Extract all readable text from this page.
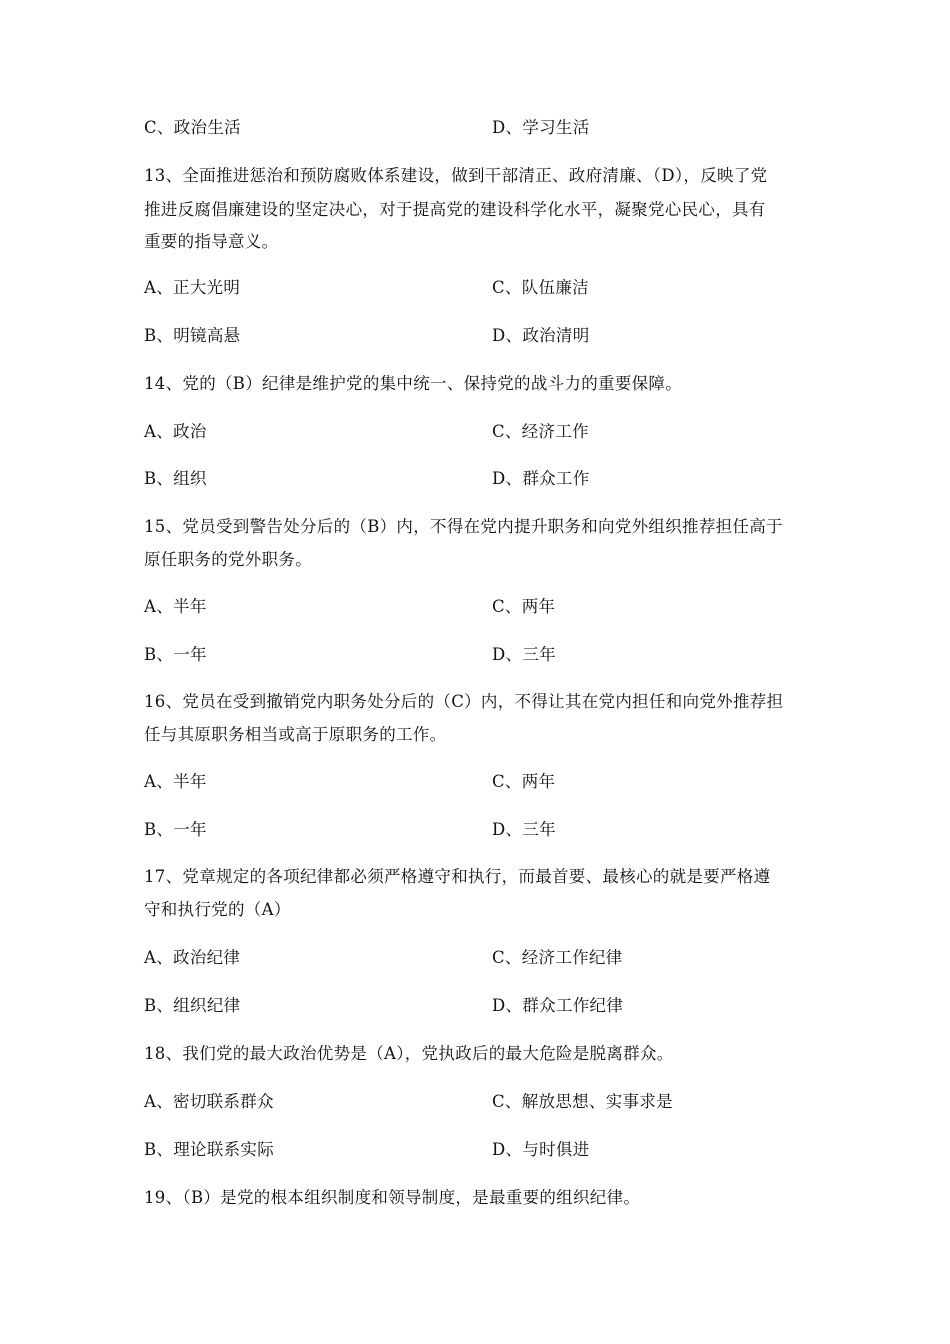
C、政治生活	D、学习生活
13、全面推进惩治和预防腐败体系建设，做到干部清正、政府清廉、（D），反映了党
推进反腐倡廉建设的坚定决心，对于提高党的建设科学化水平，凝聚党心民心，具有
重要的指导意义。
A、正大光明	C、队伍廉洁
B、明镜高悬	D、政治清明
14、党的（B）纪律是维护党的集中统一、保持党的战斗力的重要保障。
A、政治	C、经济工作
B、组织	D、群众工作
15、党员受到警告处分后的（B）内，不得在党内提升职务和向党外组织推荐担任高于
原任职务的党外职务。
A、半年	C、两年
B、一年	D、三年
16、党员在受到撤销党内职务处分后的（C）内，不得让其在党内担任和向党外推荐担
任与其原职务相当或高于原职务的工作。
A、半年	C、两年
B、一年	D、三年
17、党章规定的各项纪律都必须严格遵守和执行，而最首要、最核心的就是要严格遵
守和执行党的（A）
A、政治纪律	C、经济工作纪律
B、组织纪律	D、群众工作纪律
18、我们党的最大政治优势是（A），党执政后的最大危险是脱离群众。
A、密切联系群众	C、解放思想、实事求是
B、理论联系实际	D、与时俱进
19、（B）是党的根本组织制度和领导制度，是最重要的组织纪律。
